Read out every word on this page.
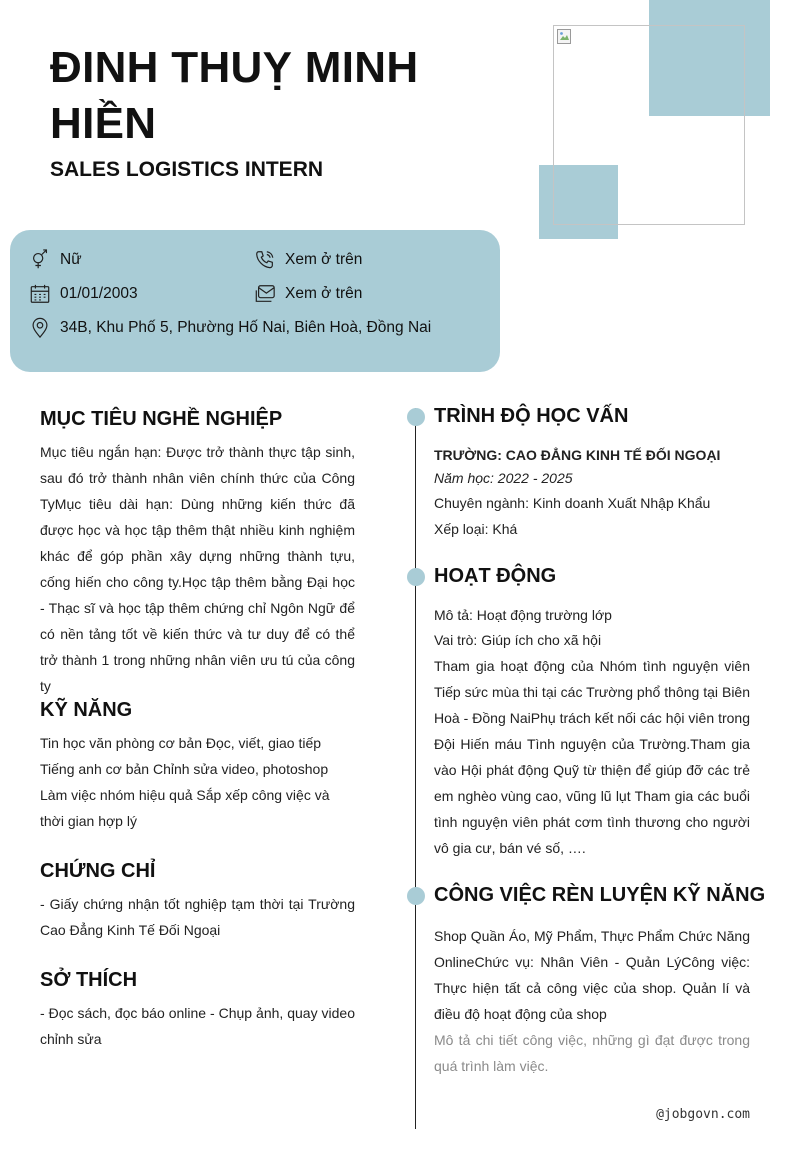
ĐINH THUỴ MINH HIỀN
SALES LOGISTICS INTERN
Nữ	Xem ở trên
01/01/2003	Xem ở trên
34B, Khu Phố 5, Phường Hố Nai, Biên Hoà, Đồng Nai
MỤC TIÊU NGHỀ NGHIỆP
Mục tiêu ngắn hạn: Được trở thành thực tập sinh, sau đó trở thành nhân viên chính thức của Công TyMục tiêu dài hạn: Dùng những kiến thức đã được học và học tập thêm thật nhiều kinh nghiệm khác để góp phần xây dựng những thành tựu, cống hiến cho công ty.Học tập thêm bằng Đại học - Thạc sĩ và học tập thêm chứng chỉ Ngôn Ngữ để có nền tảng tốt về kiến thức và tư duy để có thể trở thành 1 trong những nhân viên ưu tú của công ty
KỸ NĂNG
Tin học văn phòng cơ bản Đọc, viết, giao tiếp Tiếng anh cơ bản Chỉnh sửa video, photoshop Làm việc nhóm hiệu quả Sắp xếp công việc và thời gian hợp lý
CHỨNG CHỈ
- Giấy chứng nhận tốt nghiệp tạm thời tại Trường Cao Đẳng Kinh Tế Đối Ngoại
SỞ THÍCH
- Đọc sách, đọc báo online - Chụp ảnh, quay video chỉnh sửa
TRÌNH ĐỘ HỌC VẤN
TRƯỜNG: CAO ĐẲNG KINH TẾ ĐỐI NGOẠI
Năm học: 2022 - 2025
Chuyên ngành: Kinh doanh Xuất Nhập Khẩu
Xếp loại: Khá
HOẠT ĐỘNG
Mô tả: Hoạt động trường lớp
Vai trò: Giúp ích cho xã hội
Tham gia hoạt động của Nhóm tình nguyện viên Tiếp sức mùa thi tại các Trường phổ thông tại Biên Hoà - Đồng NaiPhụ trách kết nối các hội viên trong Đội Hiến máu Tình nguyện của Trường.Tham gia vào Hội phát động Quỹ từ thiện để giúp đỡ các trẻ em nghèo vùng cao, vũng lũ lụt Tham gia các buổi tình nguyện viên phát cơm tình thương cho người vô gia cư, bán vé số, ….
CÔNG VIỆC RÈN LUYỆN KỸ NĂNG
Shop Quần Áo, Mỹ Phẩm, Thực Phẩm Chức Năng OnlineChức vụ: Nhân Viên - Quản LýCông việc: Thực hiện tất cả công việc của shop. Quản lí và điều độ hoạt động của shop
Mô tả chi tiết công việc, những gì đạt được trong quá trình làm việc.
@jobgovn.com
